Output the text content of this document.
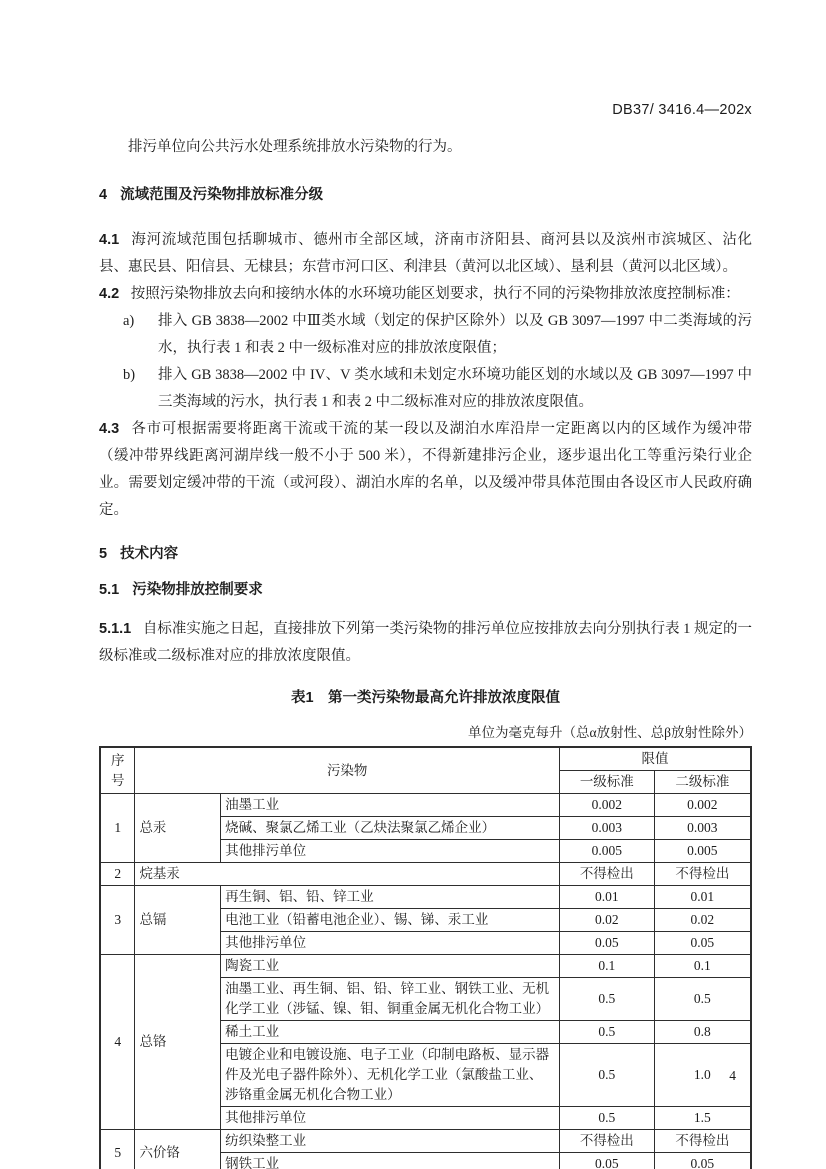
DB37/ 3416.4—202x

排污单位向公共污水处理系统排放水污染物的行为。

4 流域范围及污染物排放标准分级

4.1 海河流域范围包括聊城市、德州市全部区域，济南市济阳县、商河县以及滨州市滨城区、沾化县、惠民县、阳信县、无棣县；东营市河口区、利津县（黄河以北区域）、垦利县（黄河以北区域）。

4.2 按照污染物排放去向和接纳水体的水环境功能区划要求，执行不同的污染物排放浓度控制标准：

a) 排入 GB 3838—2002 中Ⅲ类水域（划定的保护区除外）以及 GB 3097—1997 中二类海域的污水，执行表 1 和表 2 中一级标准对应的排放浓度限值；

b) 排入 GB 3838—2002 中 IV、V 类水域和未划定水环境功能区划的水域以及 GB 3097—1997 中三类海域的污水，执行表 1 和表 2 中二级标准对应的排放浓度限值。

4.3 各市可根据需要将距离干流或干流的某一段以及湖泊水库沿岸一定距离以内的区域作为缓冲带（缓冲带界线距离河湖岸线一般不小于 500 米），不得新建排污企业，逐步退出化工等重污染行业企业。需要划定缓冲带的干流（或河段）、湖泊水库的名单，以及缓冲带具体范围由各设区市人民政府确定。

5 技术内容
5.1 污染物排放控制要求

5.1.1 自标准实施之日起，直接排放下列第一类污染物的排污单位应按排放去向分别执行表 1 规定的一级标准或二级标准对应的排放浓度限值。

表1 第一类污染物最高允许排放浓度限值
单位为毫克每升（总α放射性、总β放射性除外）
序号	污染物		限值	
			一级标准	二级标准
1	总汞	油墨工业	0.002	0.002
		烧碱、聚氯乙烯工业（乙炔法聚氯乙烯企业）	0.003	0.003
		其他排污单位	0.005	0.005
2	烷基汞		不得检出	不得检出
3	总镉	再生铜、铝、铅、锌工业	0.01	0.01
		电池工业（铅蓄电池企业）、锡、锑、汞工业	0.02	0.02
		其他排污单位	0.05	0.05
4	总铬	陶瓷工业	0.1	0.1
		油墨工业、再生铜、铝、铅、锌工业、钢铁工业、无机化学工业（涉锰、镍、钼、铜重金属无机化合物工业）	0.5	0.5
		稀土工业	0.5	0.8
		电镀企业和电镀设施、电子工业（印制电路板、显示器件及光电子器件除外）、无机化学工业（氯酸盐工业、涉铬重金属无机化合物工业）	0.5	1.0
		其他排污单位	0.5	1.5
5	六价铬	纺织染整工业	不得检出	不得检出
		钢铁工业	0.05	0.05
4
